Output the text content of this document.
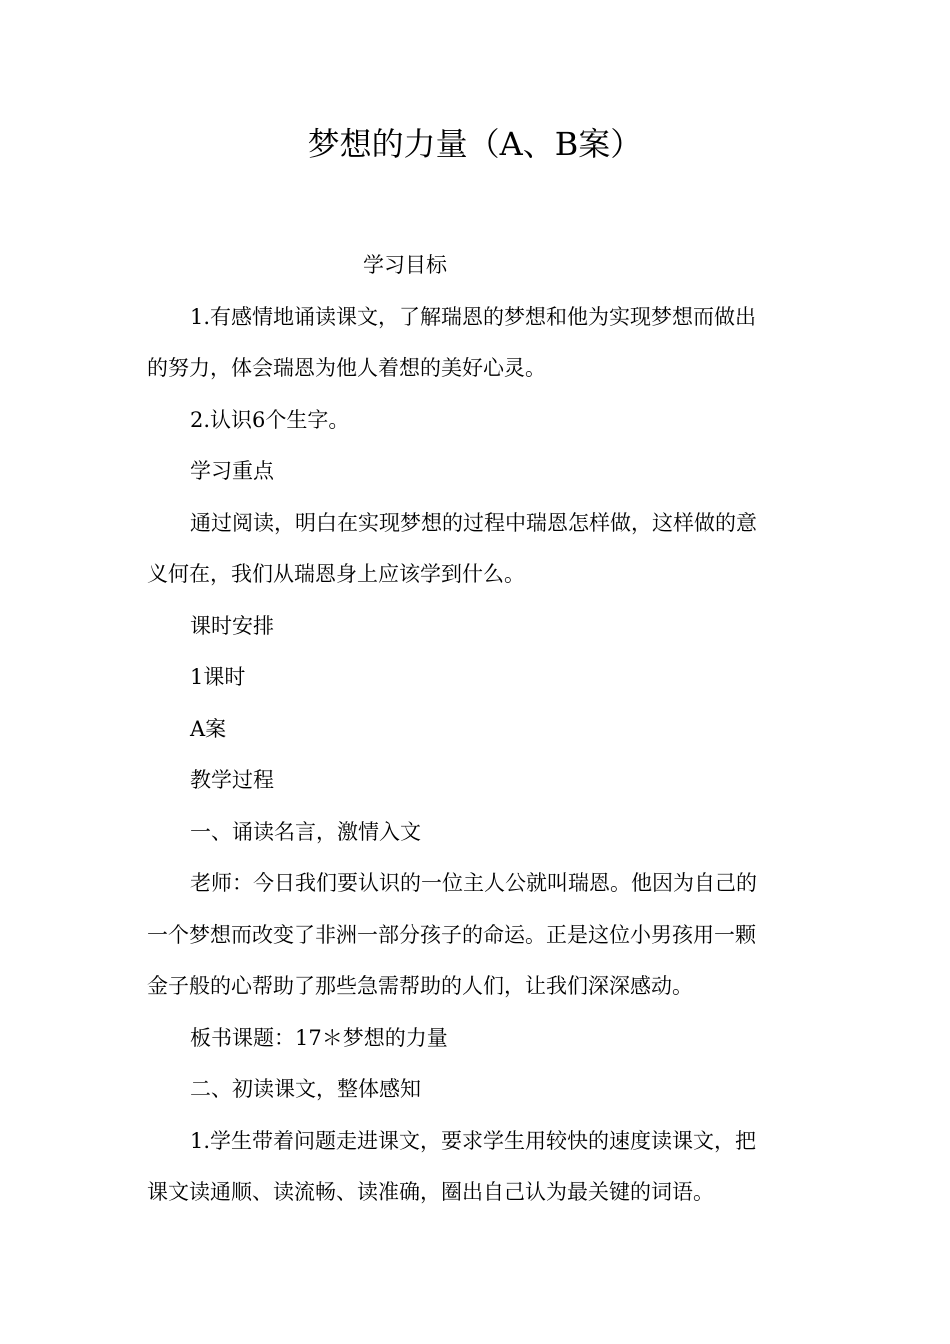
梦想的力量（A、B案）
学习目标
1.有感情地诵读课文，了解瑞恩的梦想和他为实现梦想而做出
的努力，体会瑞恩为他人着想的美好心灵。
2.认识6个生字。
学习重点
通过阅读，明白在实现梦想的过程中瑞恩怎样做，这样做的意
义何在，我们从瑞恩身上应该学到什么。
课时安排
1课时
A案
教学过程
一、诵读名言，激情入文
老师：今日我们要认识的一位主人公就叫瑞恩。他因为自己的
一个梦想而改变了非洲一部分孩子的命运。正是这位小男孩用一颗
金子般的心帮助了那些急需帮助的人们，让我们深深感动。
板书课题：17＊梦想的力量
二、初读课文，整体感知
1.学生带着问题走进课文，要求学生用较快的速度读课文，把
课文读通顺、读流畅、读准确，圈出自己认为最关键的词语。
